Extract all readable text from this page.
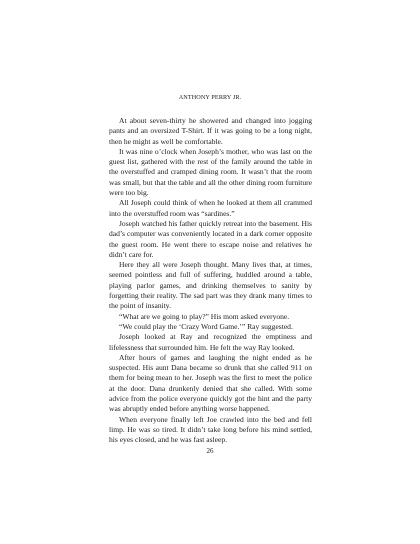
ANTHONY PERRY JR.

At about seven-thirty he showered and changed into jogging pants and an oversized T-Shirt. If it was going to be a long night, then he might as well be comfortable.

It was nine o’clock when Joseph’s mother, who was last on the guest list, gathered with the rest of the family around the table in the overstuffed and cramped dining room. It wasn’t that the room was small, but that the table and all the other dining room furniture were too big.

All Joseph could think of when he looked at them all crammed into the overstuffed room was “sardines.”

Joseph watched his father quickly retreat into the basement. His dad’s computer was conveniently located in a dark corner opposite the guest room. He went there to escape noise and relatives he didn’t care for.

Here they all were Joseph thought. Many lives that, at times, seemed pointless and full of suffering, huddled around a table, playing parlor games, and drinking themselves to sanity by forgetting their reality. The sad part was they drank many times to the point of insanity.

“What are we going to play?” His mom asked everyone.

“We could play the ‘Crazy Word Game.’” Ray suggested.

Joseph looked at Ray and recognized the emptiness and lifelessness that surrounded him. He felt the way Ray looked.

After hours of games and laughing the night ended as he suspected. His aunt Dana became so drunk that she called 911 on them for being mean to her. Joseph was the first to meet the police at the door. Dana drunkenly denied that she called. With some advice from the police everyone quickly got the hint and the party was abruptly ended before anything worse happened.

When everyone finally left Joe crawled into the bed and fell limp. He was so tired. It didn’t take long before his mind settled, his eyes closed, and he was fast asleep.

26
